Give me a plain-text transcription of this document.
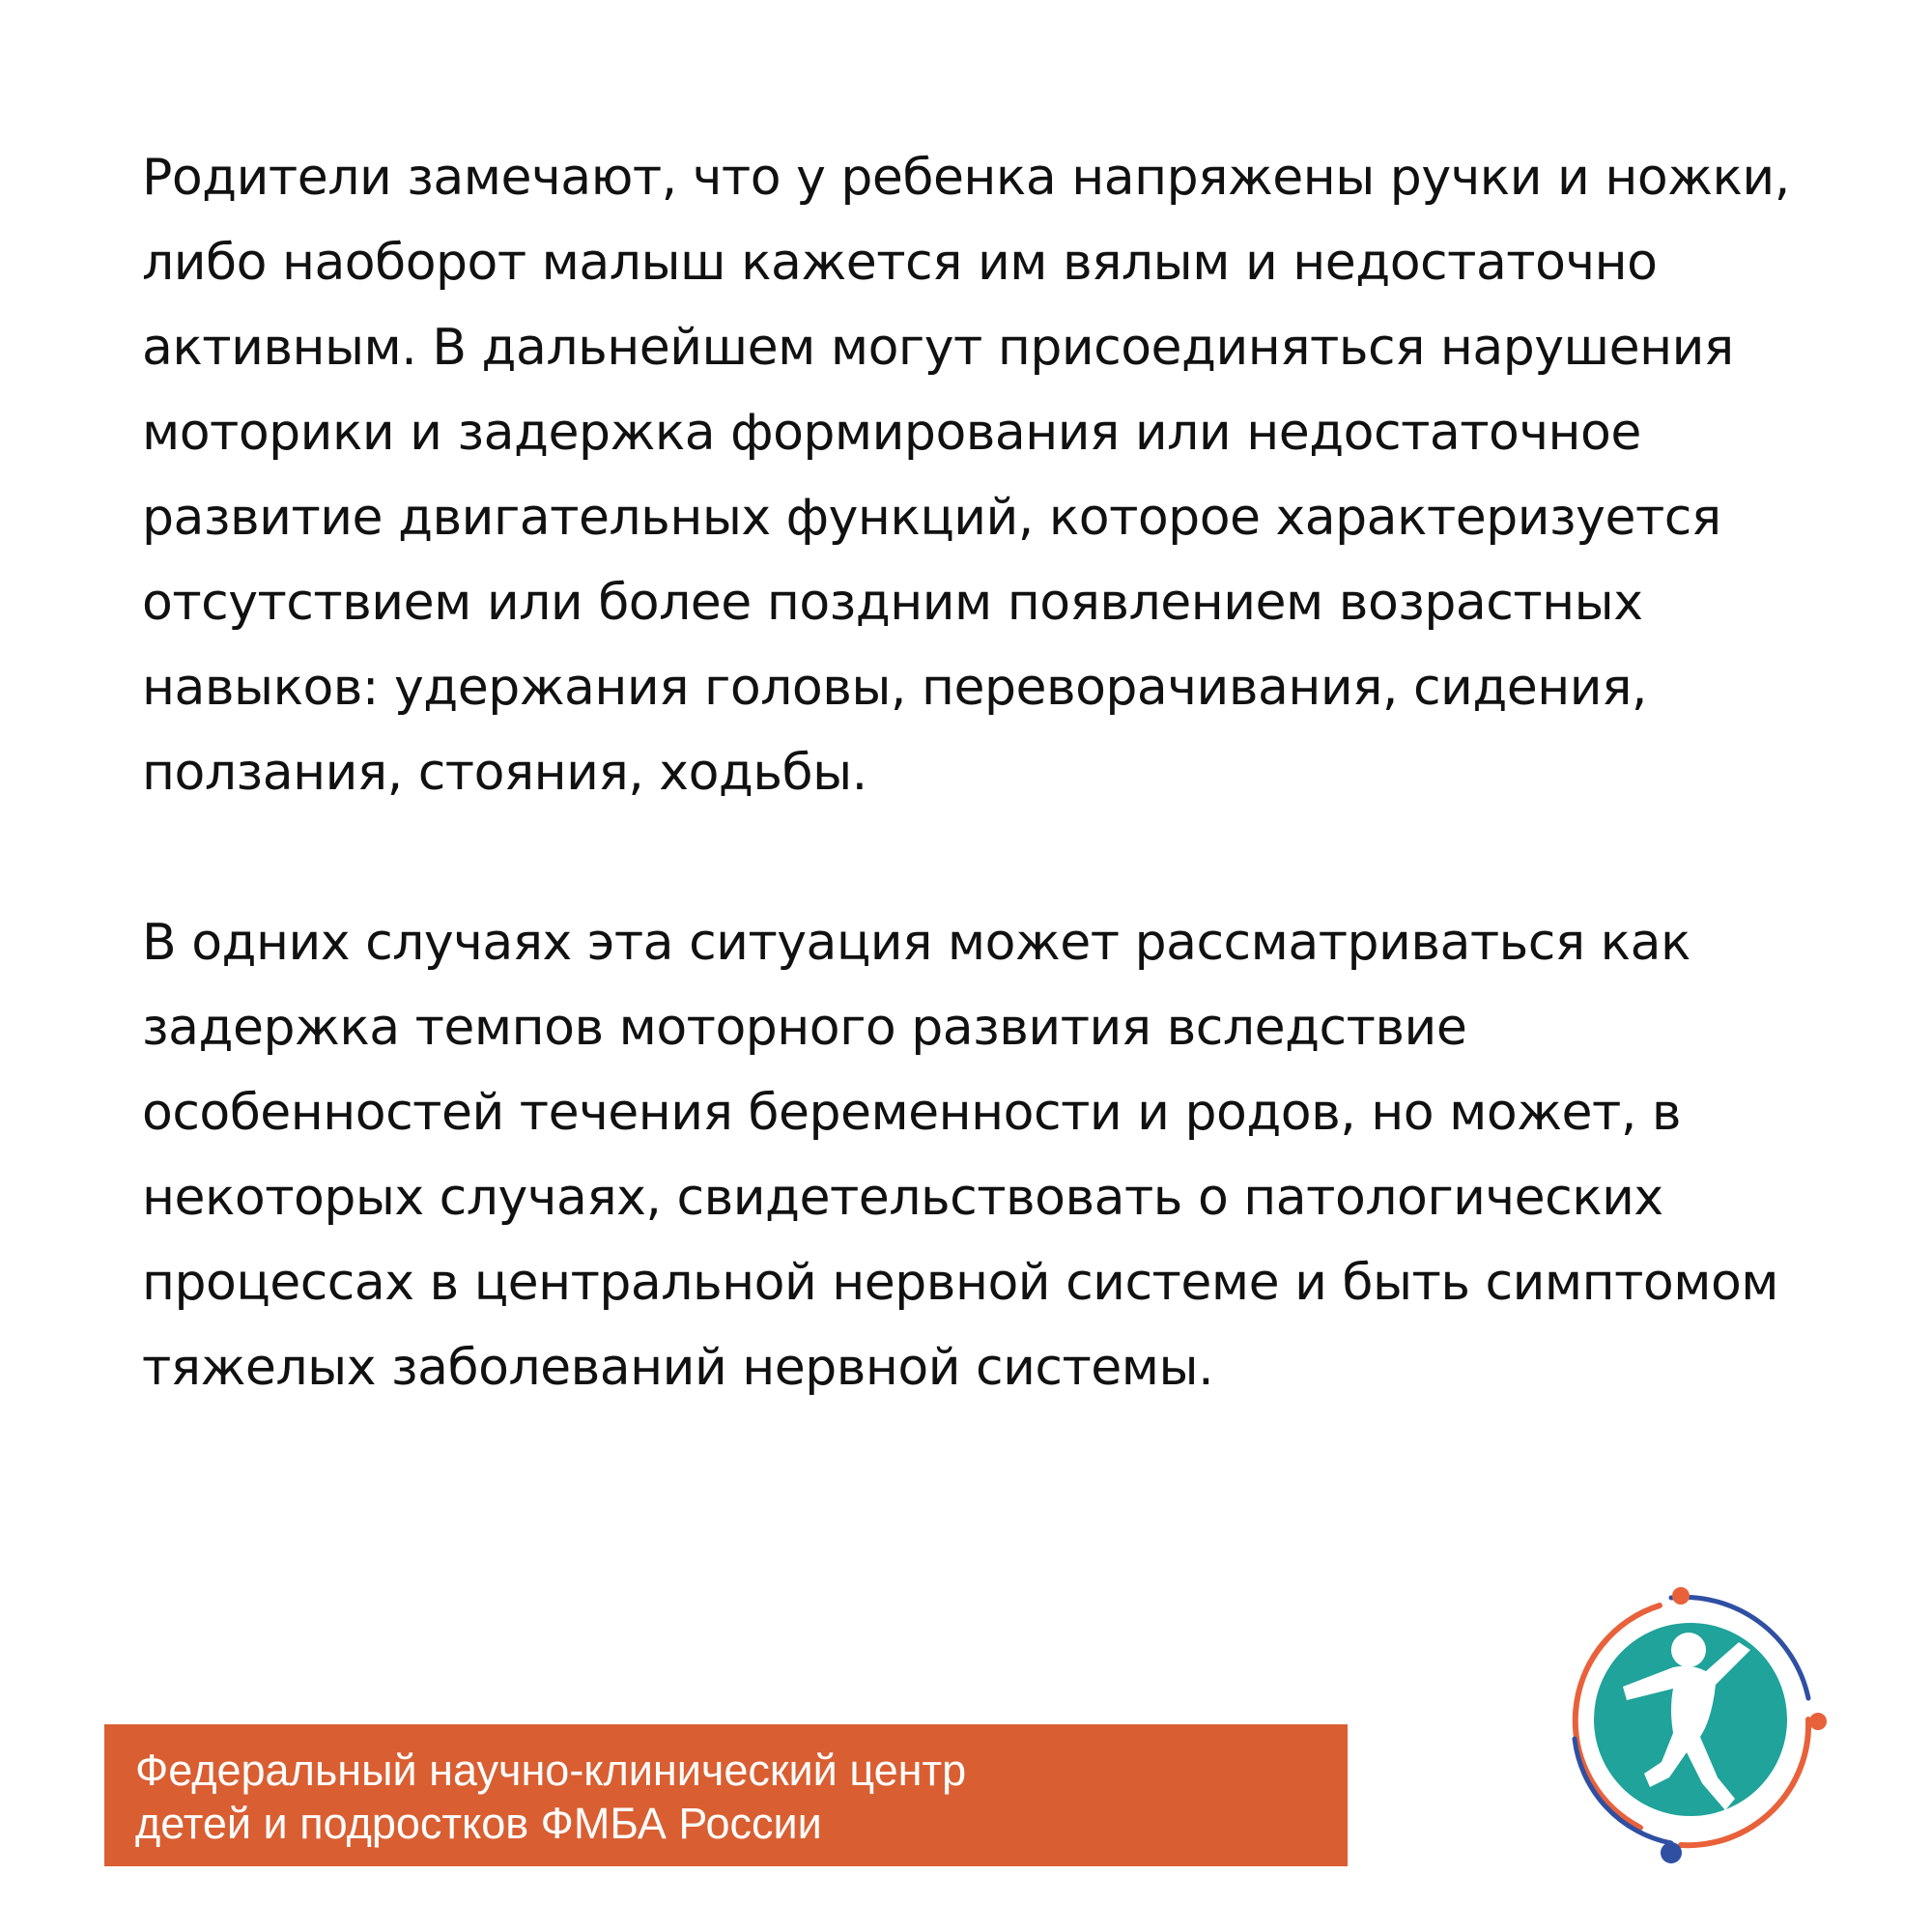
Родители замечают, что у ребенка напряжены ручки и ножки,
либо наоборот малыш кажется им вялым и недостаточно
активным. В дальнейшем могут присоединяться нарушения
моторики и задержка формирования или недостаточное
развитие двигательных функций, которое характеризуется
отсутствием или более поздним появлением возрастных
навыков: удержания головы, переворачивания, сидения,
ползания, стояния, ходьбы.

В одних случаях эта ситуация может рассматриваться как
задержка темпов моторного развития вследствие
особенностей течения беременности и родов, но может, в
некоторых случаях, свидетельствовать о патологических
процессах в центральной нервной системе и быть симптомом
тяжелых заболеваний нервной системы.

Федеральный научно-клинический центр
детей и подростков ФМБА России
